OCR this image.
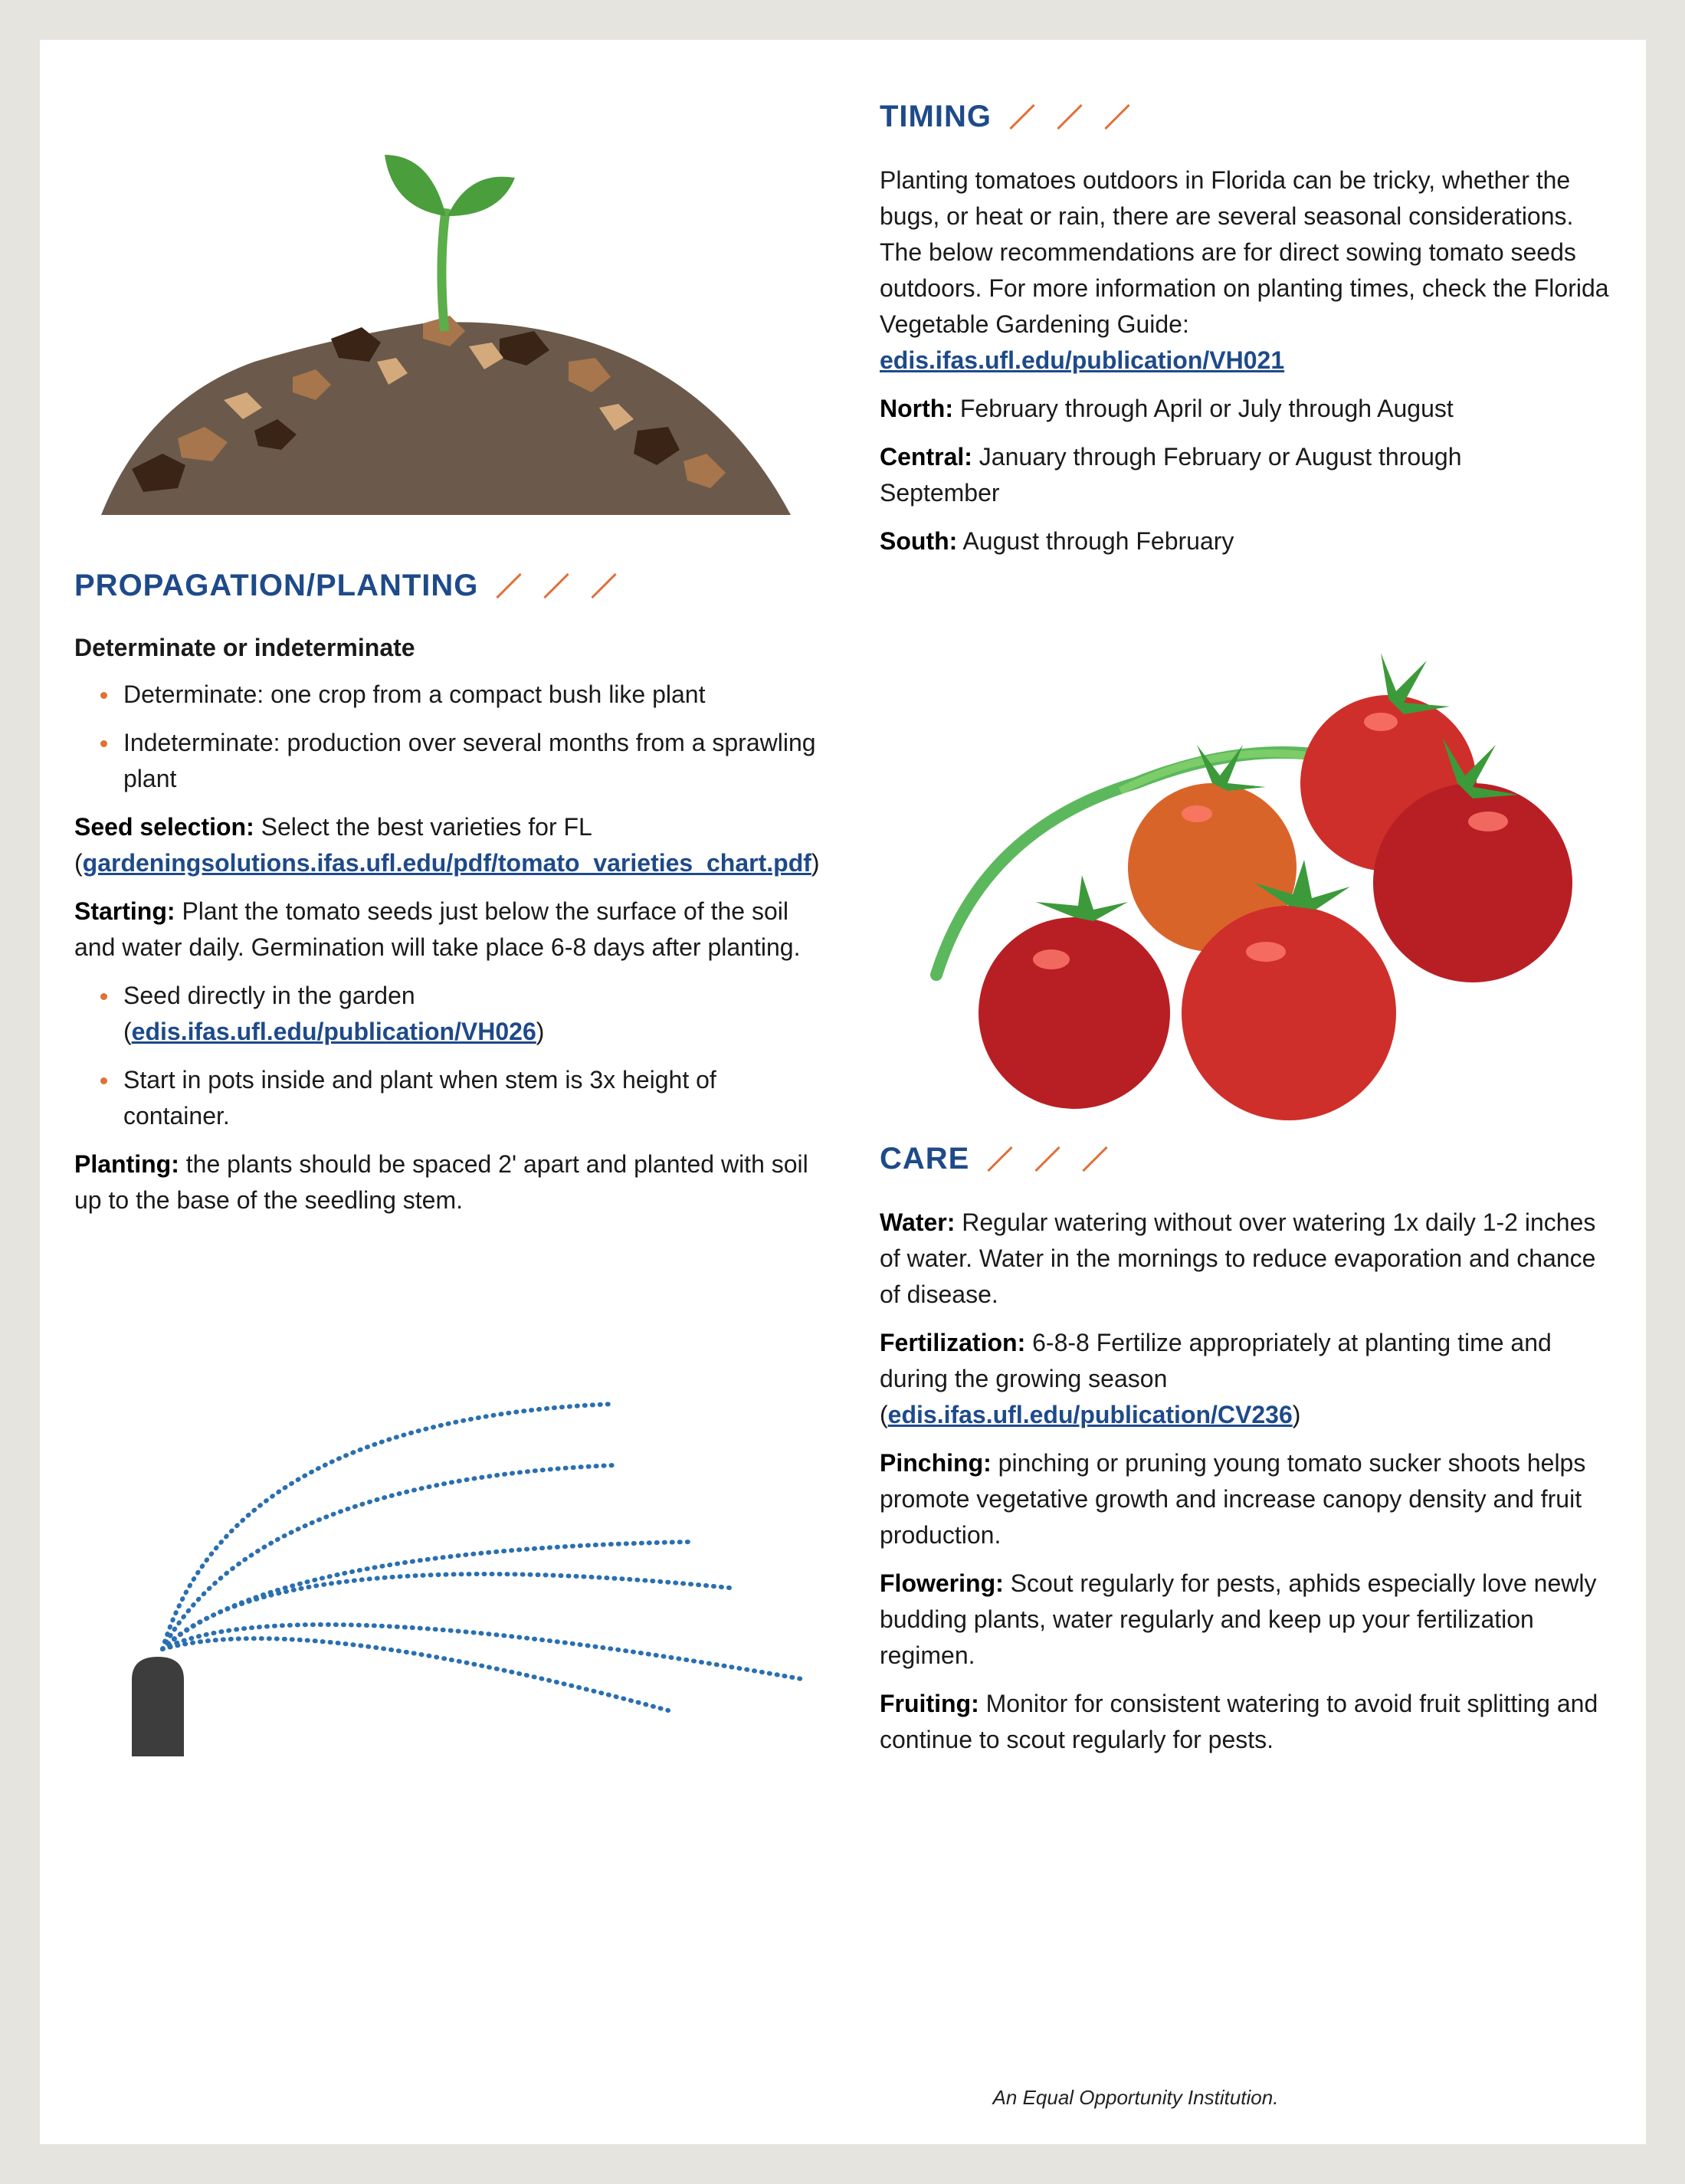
PROPAGATION/PLANTING
Determinate or indeterminate
Determinate: one crop from a compact bush like plant
Indeterminate: production over several months from a sprawling plant

Seed selection: Select the best varieties for FL
(gardeningsolutions.ifas.ufl.edu/pdf/tomato_varieties_chart.pdf)

Starting: Plant the tomato seeds just below the surface of the soil and water daily. Germination will take place 6-8 days after planting.

Seed directly in the garden (edis.ifas.ufl.edu/publication/VH026)
Start in pots inside and plant when stem is 3x height of container.

Planting: the plants should be spaced 2' apart and planted with soil up to the base of the seedling stem.

TIMING

Planting tomatoes outdoors in Florida can be tricky, whether the bugs, or heat or rain, there are several seasonal considerations. The below recommendations are for direct sowing tomato seeds outdoors. For more information on planting times, check the Florida Vegetable Gardening Guide:
edis.ifas.ufl.edu/publication/VH021

North: February through April or July through August

Central: January through February or August through September

South: August through February

CARE

Water: Regular watering without over watering 1x daily 1-2 inches of water. Water in the mornings to reduce evaporation and chance of disease.

Fertilization: 6-8-8 Fertilize appropriately at planting time and during the growing season (edis.ifas.ufl.edu/publication/CV236)

Pinching: pinching or pruning young tomato sucker shoots helps promote vegetative growth and increase canopy density and fruit production.

Flowering: Scout regularly for pests, aphids especially love newly budding plants, water regularly and keep up your fertilization regimen.

Fruiting: Monitor for consistent watering to avoid fruit splitting and continue to scout regularly for pests.

An Equal Opportunity Institution.
